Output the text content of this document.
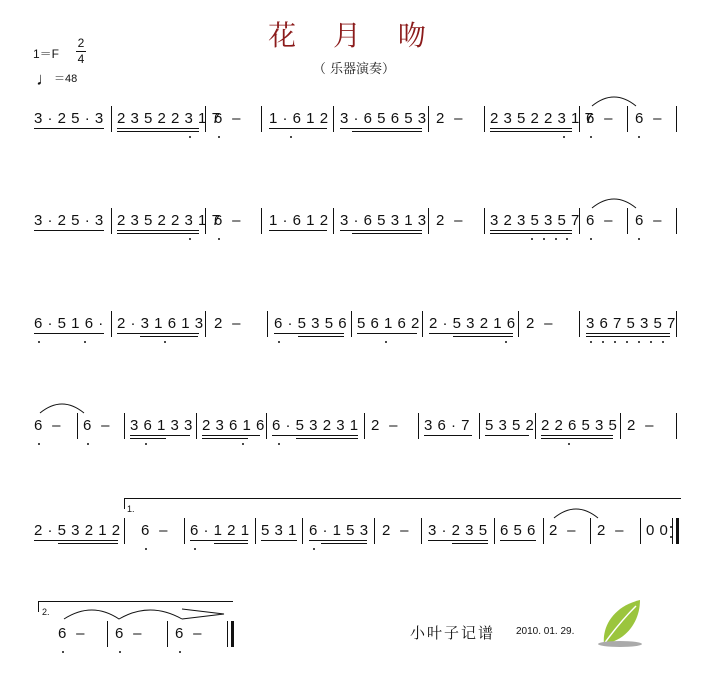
花 月 吻
（ 乐器演奏）
1＝F
2
4
♩＝48
3 · 2 5 · 3 2 3 5 2 2 3 1 7
6  – 1 · 6 1 2 3 · 6 5 6 5 3 2  – 2 3 5 2 2 3 1 7
6  – 6  –
3 · 2 5 · 3 2 3 5 2 2 3 1 7
6  – 1 · 6 1 2 3 · 6 5 3 1 3 2  – 3 2 3 5 3 5 7 6  – 6  –
6 · 5 1 6 · 2 · 3 1 6 1 3 2  – 6 · 5 3 5 6 5 6 1 6 2 2 · 5 3 2 1 6 2  – 3 6 7 5 3 5 7
6  – 6  – 3 6 1 3 3 2 3 6 1 6 6 · 5 3 2 3 1 2  – 3 6 · 7 5 3 5 2 2 2 6 5 3 5 2  –
1.
2 · 5 3 2 1 2 6  – 6 · 1 2 1 5 3 1 6 · 1 5 3 2  – 3 · 2 3 5 6 5 6 2  – 2  – 0 0
2.
6  – 6  – 6  –	小叶子记谱 2010. 01. 29.
